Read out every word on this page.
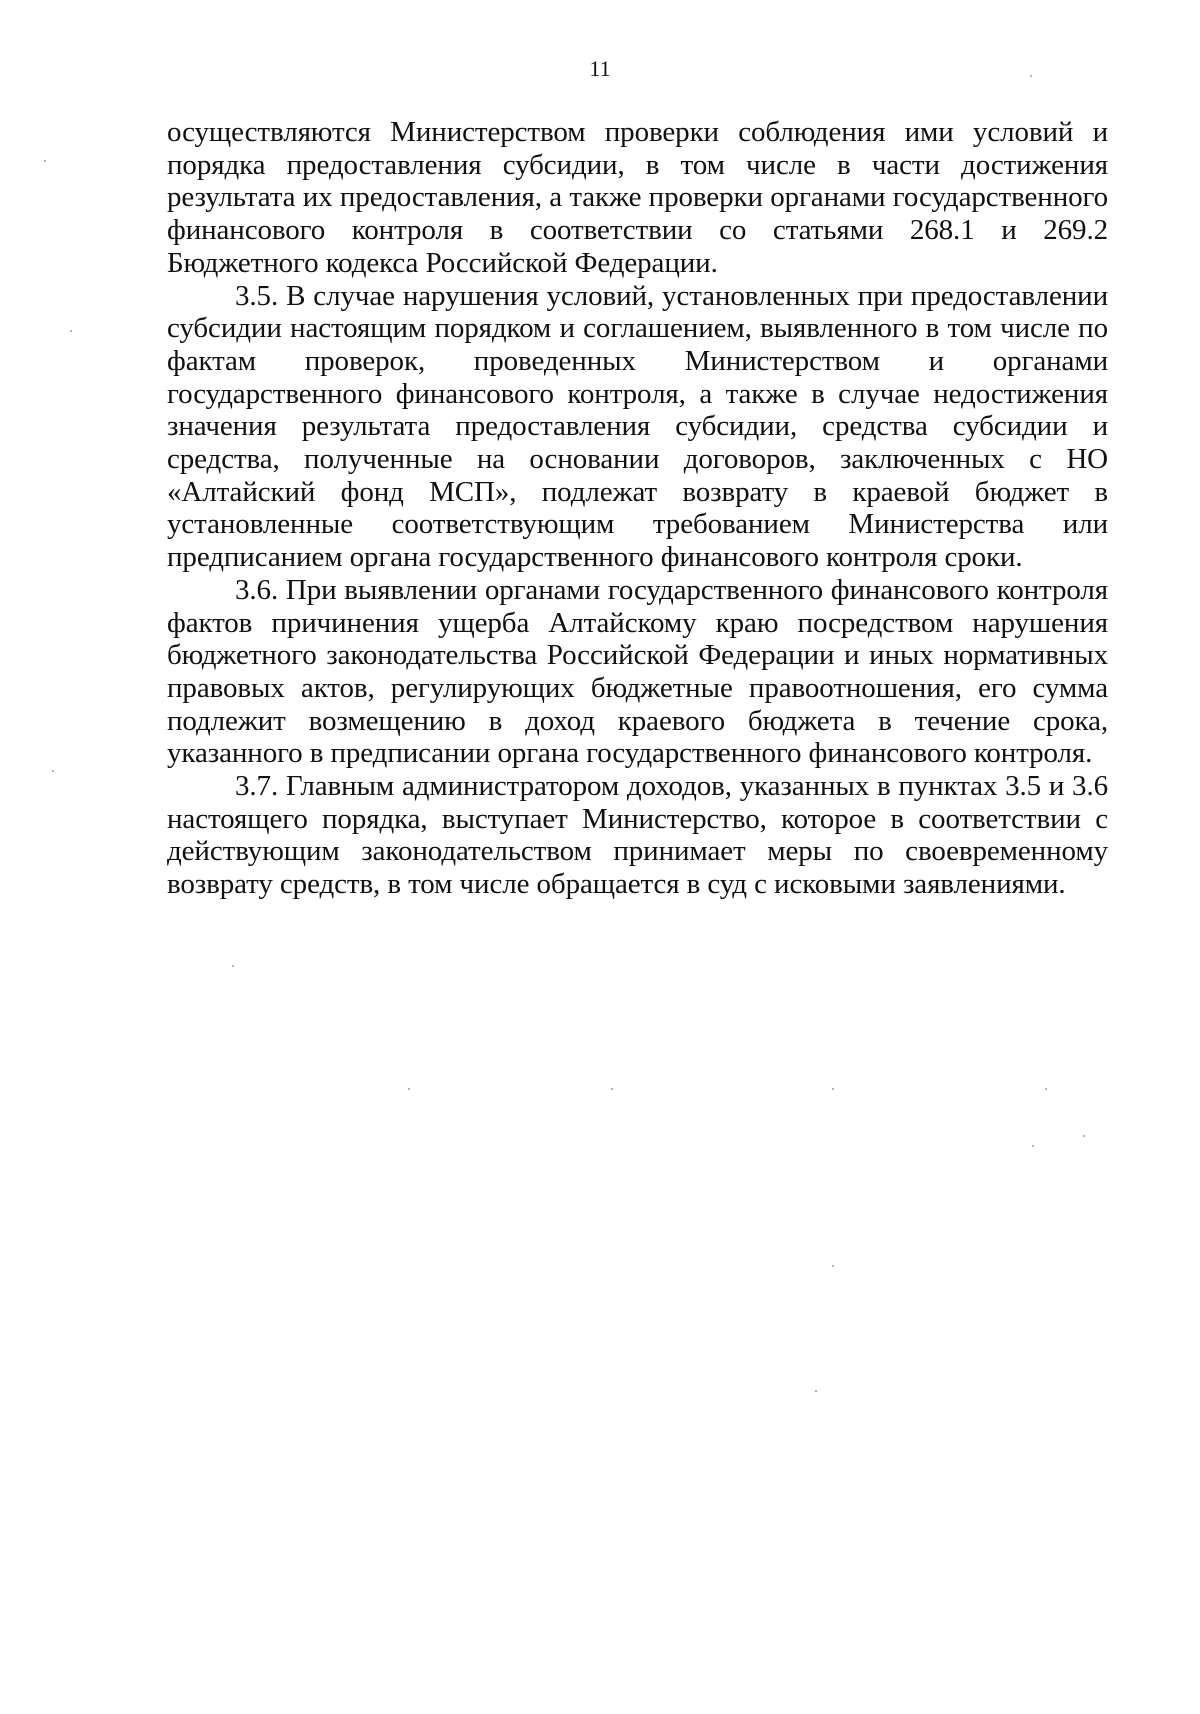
11

осуществляются Министерством проверки соблюдения ими условий и порядка предоставления субсидии, в том числе в части достижения результата их предоставления, а также проверки органами государственного финансового контроля в соответствии со статьями 268.1 и 269.2 Бюджетного кодекса Российской Федерации.

3.5. В случае нарушения условий, установленных при предоставлении субсидии настоящим порядком и соглашением, выявленного в том числе по фактам проверок, проведенных Министерством и органами государственного финансового контроля, а также в случае недостижения значения результата предоставления субсидии, средства субсидии и средства, полученные на основании договоров, заключенных с НО «Алтайский фонд МСП», подлежат возврату в краевой бюджет в установленные соответствующим требованием Министерства или предписанием органа государственного финансового контроля сроки.

3.6. При выявлении органами государственного финансового контроля фактов причинения ущерба Алтайскому краю посредством нарушения бюджетного законодательства Российской Федерации и иных нормативных правовых актов, регулирующих бюджетные правоотношения, его сумма подлежит возмещению в доход краевого бюджета в течение срока, указанного в предписании органа государственного финансового контроля.

3.7. Главным администратором доходов, указанных в пунктах 3.5 и 3.6 настоящего порядка, выступает Министерство, которое в соответствии с действующим законодательством принимает меры по своевременному возврату средств, в том числе обращается в суд с исковыми заявлениями.
